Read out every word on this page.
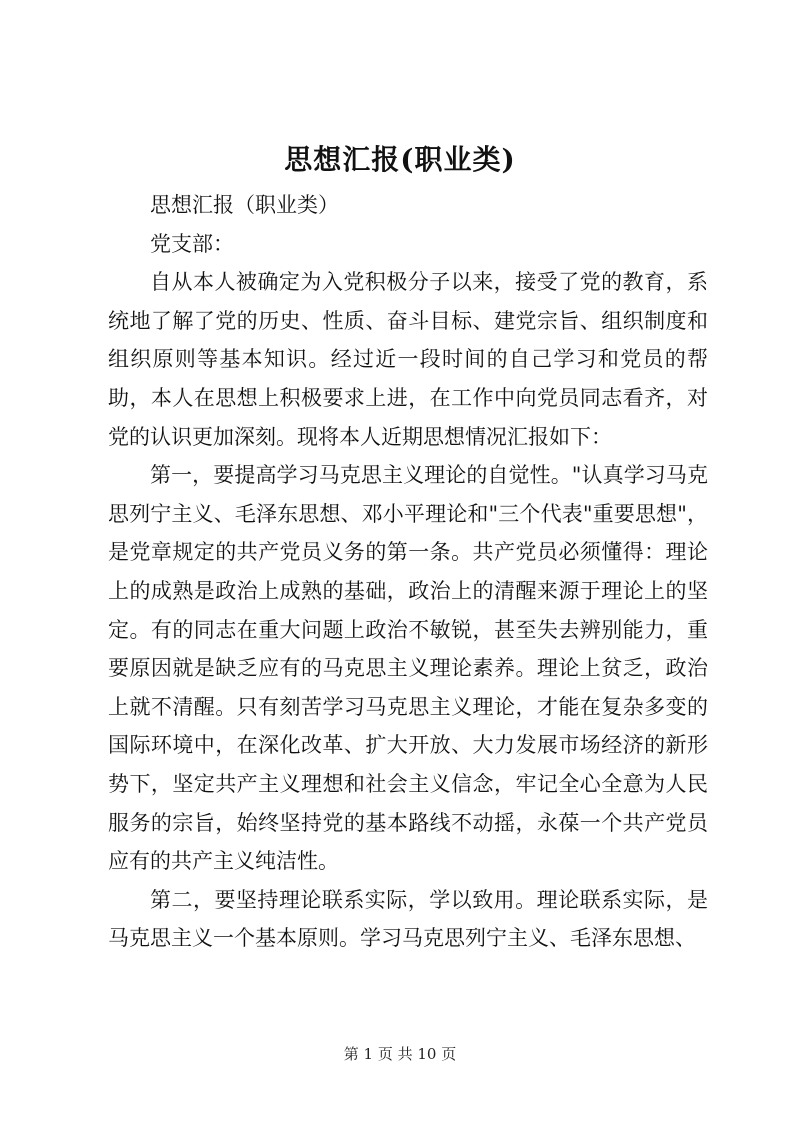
思想汇报(职业类)

思想汇报（职业类）

党支部：

自从本人被确定为入党积极分子以来，接受了党的教育，系统地了解了党的历史、性质、奋斗目标、建党宗旨、组织制度和组织原则等基本知识。经过近一段时间的自己学习和党员的帮助，本人在思想上积极要求上进，在工作中向党员同志看齐，对党的认识更加深刻。现将本人近期思想情况汇报如下：

第一，要提高学习马克思主义理论的自觉性。"认真学习马克思列宁主义、毛泽东思想、邓小平理论和"三个代表"重要思想"，是党章规定的共产党员义务的第一条。共产党员必须懂得：理论上的成熟是政治上成熟的基础，政治上的清醒来源于理论上的坚定。有的同志在重大问题上政治不敏锐，甚至失去辨别能力，重要原因就是缺乏应有的马克思主义理论素养。理论上贫乏，政治上就不清醒。只有刻苦学习马克思主义理论，才能在复杂多变的国际环境中，在深化改革、扩大开放、大力发展市场经济的新形势下，坚定共产主义理想和社会主义信念，牢记全心全意为人民服务的宗旨，始终坚持党的基本路线不动摇，永葆一个共产党员应有的共产主义纯洁性。

第二，要坚持理论联系实际，学以致用。理论联系实际，是马克思主义一个基本原则。学习马克思列宁主义、毛泽东思想、

第 1 页 共 10 页
